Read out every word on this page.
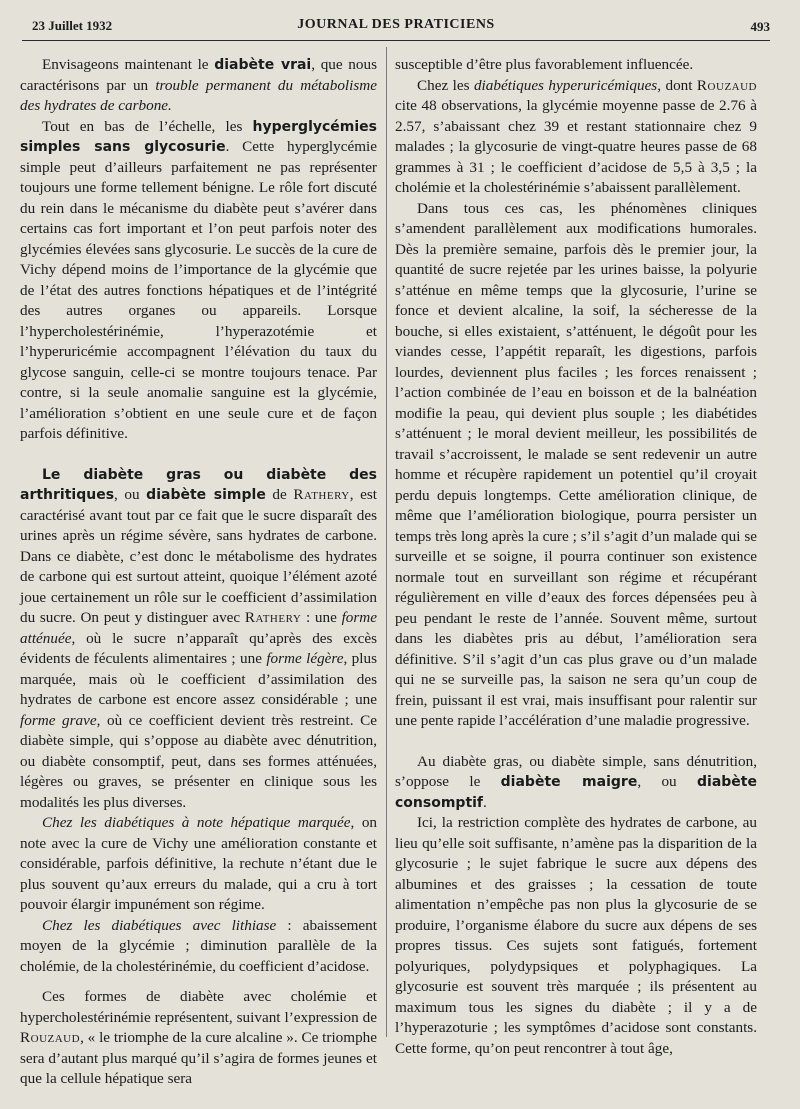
23 Juillet 1932	JOURNAL DES PRATICIENS	493

Envisageons maintenant le diabète vrai, que nous caractérisons par un trouble permanent du métabolisme des hydrates de carbone.

Tout en bas de l’échelle, les hyperglycémies simples sans glycosurie. Cette hyperglycémie simple peut d’ailleurs parfaitement ne pas représenter toujours une forme tellement bénigne. Le rôle fort discuté du rein dans le mécanisme du diabète peut s’avérer dans certains cas fort important et l’on peut parfois noter des glycémies élevées sans glycosurie. Le succès de la cure de Vichy dépend moins de l’importance de la glycémie que de l’état des autres fonctions hépatiques et de l’intégrité des autres organes ou appareils. Lorsque l’hypercholestérinémie, l’hyperazotémie et l’hyperuricémie accompagnent l’élévation du taux du glycose sanguin, celle-ci se montre toujours tenace. Par contre, si la seule anomalie sanguine est la glycémie, l’amélioration s’obtient en une seule cure et de façon parfois définitive.

Le diabète gras ou diabète des arthritiques, ou diabète simple de Rathery, est caractérisé avant tout par ce fait que le sucre disparaît des urines après un régime sévère, sans hydrates de carbone. Dans ce diabète, c’est donc le métabolisme des hydrates de carbone qui est surtout atteint, quoique l’élément azoté joue certainement un rôle sur le coefficient d’assimilation du sucre. On peut y distinguer avec Rathery : une forme atténuée, où le sucre n’apparaît qu’après des excès évidents de féculents alimentaires ; une forme légère, plus marquée, mais où le coefficient d’assimilation des hydrates de carbone est encore assez considérable ; une forme grave, où ce coefficient devient très restreint. Ce diabète simple, qui s’oppose au diabète avec dénutrition, ou diabète consomptif, peut, dans ses formes atténuées, légères ou graves, se présenter en clinique sous les modalités les plus diverses.

Chez les diabétiques à note hépatique marquée, on note avec la cure de Vichy une amélioration constante et considérable, parfois définitive, la rechute n’étant due le plus souvent qu’aux erreurs du malade, qui a cru à tort pouvoir élargir impunément son régime.

Chez les diabétiques avec lithiase : abaissement moyen de la glycémie ; diminution parallèle de la cholémie, de la cholestérinémie, du coefficient d’acidose.

Ces formes de diabète avec cholémie et hypercholestérinémie représentent, suivant l’expression de Rouzaud, « le triomphe de la cure alcaline ». Ce triomphe sera d’autant plus marqué qu’il s’agira de formes jeunes et que la cellule hépatique sera

susceptible d’être plus favorablement influencée.

Chez les diabétiques hyperuricémiques, dont Rouzaud cite 48 observations, la glycémie moyenne passe de 2.76 à 2.57, s’abaissant chez 39 et restant stationnaire chez 9 malades ; la glycosurie de vingt-quatre heures passe de 68 grammes à 31 ; le coefficient d’acidose de 5,5 à 3,5 ; la cholémie et la cholestérinémie s’abaissent parallèlement.

Dans tous ces cas, les phénomènes cliniques s’amendent parallèlement aux modifications humorales. Dès la première semaine, parfois dès le premier jour, la quantité de sucre rejetée par les urines baisse, la polyurie s’atténue en même temps que la glycosurie, l’urine se fonce et devient alcaline, la soif, la sécheresse de la bouche, si elles existaient, s’atténuent, le dégoût pour les viandes cesse, l’appétit reparaît, les digestions, parfois lourdes, deviennent plus faciles ; les forces renaissent ; l’action combinée de l’eau en boisson et de la balnéation modifie la peau, qui devient plus souple ; les diabétides s’atténuent ; le moral devient meilleur, les possibilités de travail s’accroissent, le malade se sent redevenir un autre homme et récupère rapidement un potentiel qu’il croyait perdu depuis longtemps. Cette amélioration clinique, de même que l’amélioration biologique, pourra persister un temps très long après la cure ; s’il s’agit d’un malade qui se surveille et se soigne, il pourra continuer son existence normale tout en surveillant son régime et récupérant régulièrement en ville d’eaux des forces dépensées peu à peu pendant le reste de l’année. Souvent même, surtout dans les diabètes pris au début, l’amélioration sera définitive. S’il s’agit d’un cas plus grave ou d’un malade qui ne se surveille pas, la saison ne sera qu’un coup de frein, puissant il est vrai, mais insuffisant pour ralentir sur une pente rapide l’accélération d’une maladie progressive.

Au diabète gras, ou diabète simple, sans dénutrition, s’oppose le diabète maigre, ou diabète consomptif.

Ici, la restriction complète des hydrates de carbone, au lieu qu’elle soit suffisante, n’amène pas la disparition de la glycosurie ; le sujet fabrique le sucre aux dépens des albumines et des graisses ; la cessation de toute alimentation n’empêche pas non plus la glycosurie de se produire, l’organisme élabore du sucre aux dépens de ses propres tissus. Ces sujets sont fatigués, fortement polyuriques, polydypsiques et polyphagiques. La glycosurie est souvent très marquée ; ils présentent au maximum tous les signes du diabète ; il y a de l’hyperazoturie ; les symptômes d’acidose sont constants. Cette forme, qu’on peut rencontrer à tout âge,
